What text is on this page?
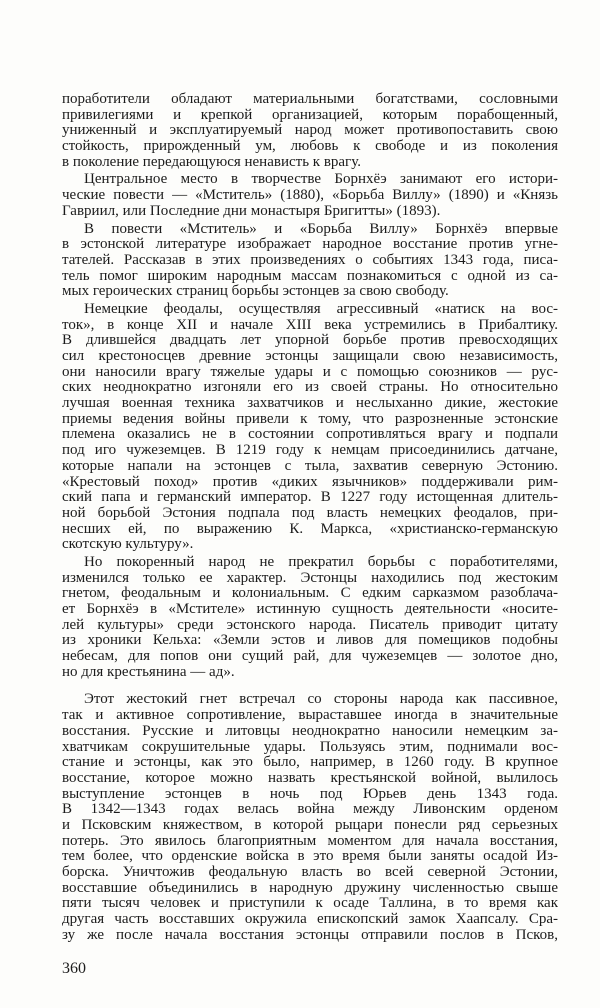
поработители обладают материальными богатствами, сословными
привилегиями и крепкой организацией, которым порабощенный,
униженный и эксплуатируемый народ может противопоставить свою
стойкость, прирожденный ум, любовь к свободе и из поколения
в поколение передающуюся ненависть к врагу.
Центральное место в творчестве Борнхёэ занимают его истори-
ческие повести — «Мститель» (1880), «Борьба Виллу» (1890) и «Князь
Гавриил, или Последние дни монастыря Бригитты» (1893).
В повести «Мститель» и «Борьба Виллу» Борнхёэ впервые
в эстонской литературе изображает народное восстание против угне-
тателей. Рассказав в этих произведениях о событиях 1343 года, писа-
тель помог широким народным массам познакомиться с одной из са-
мых героических страниц борьбы эстонцев за свою свободу.
Немецкие феодалы, осуществляя агрессивный «натиск на вос-
ток», в конце XII и начале XIII века устремились в Прибалтику.
В длившейся двадцать лет упорной борьбе против превосходящих
сил крестоносцев древние эстонцы защищали свою независимость,
они наносили врагу тяжелые удары и с помощью союзников — рус-
ских неоднократно изгоняли его из своей страны. Но относительно
лучшая военная техника захватчиков и неслыханно дикие, жестокие
приемы ведения войны привели к тому, что разрозненные эстонские
племена оказались не в состоянии сопротивляться врагу и подпали
под иго чужеземцев. В 1219 году к немцам присоединились датчане,
которые напали на эстонцев с тыла, захватив северную Эстонию.
«Крестовый поход» против «диких язычников» поддерживали рим-
ский папа и германский император. В 1227 году истощенная длитель-
ной борьбой Эстония подпала под власть немецких феодалов, при-
несших ей, по выражению К. Маркса, «христианско-германскую
скотскую культуру».
Но покоренный народ не прекратил борьбы с поработителями,
изменился только ее характер. Эстонцы находились под жестоким
гнетом, феодальным и колониальным. С едким сарказмом разоблача-
ет Борнхёэ в «Мстителе» истинную сущность деятельности «носите-
лей культуры» среди эстонского народа. Писатель приводит цитату
из хроники Кельха: «Земли эстов и ливов для помещиков подобны
небесам, для попов они сущий рай, для чужеземцев — золотое дно,
но для крестьянина — ад».
Этот жестокий гнет встречал со стороны народа как пассивное,
так и активное сопротивление, выраставшее иногда в значительные
восстания. Русские и литовцы неоднократно наносили немецким за-
хватчикам сокрушительные удары. Пользуясь этим, поднимали вос-
стание и эстонцы, как это было, например, в 1260 году. В крупное
восстание, которое можно назвать крестьянской войной, вылилось
выступление эстонцев в ночь под Юрьев день 1343 года.
В 1342—1343 годах велась война между Ливонским орденом
и Псковским княжеством, в которой рыцари понесли ряд серьезных
потерь. Это явилось благоприятным моментом для начала восстания,
тем более, что орденские войска в это время были заняты осадой Из-
борска. Уничтожив феодальную власть во всей северной Эстонии,
восставшие объединились в народную дружину численностью свыше
пяти тысяч человек и приступили к осаде Таллина, в то время как
другая часть восставших окружила епископский замок Хаапсалу. Сра-
зу же после начала восстания эстонцы отправили послов в Псков,
360
